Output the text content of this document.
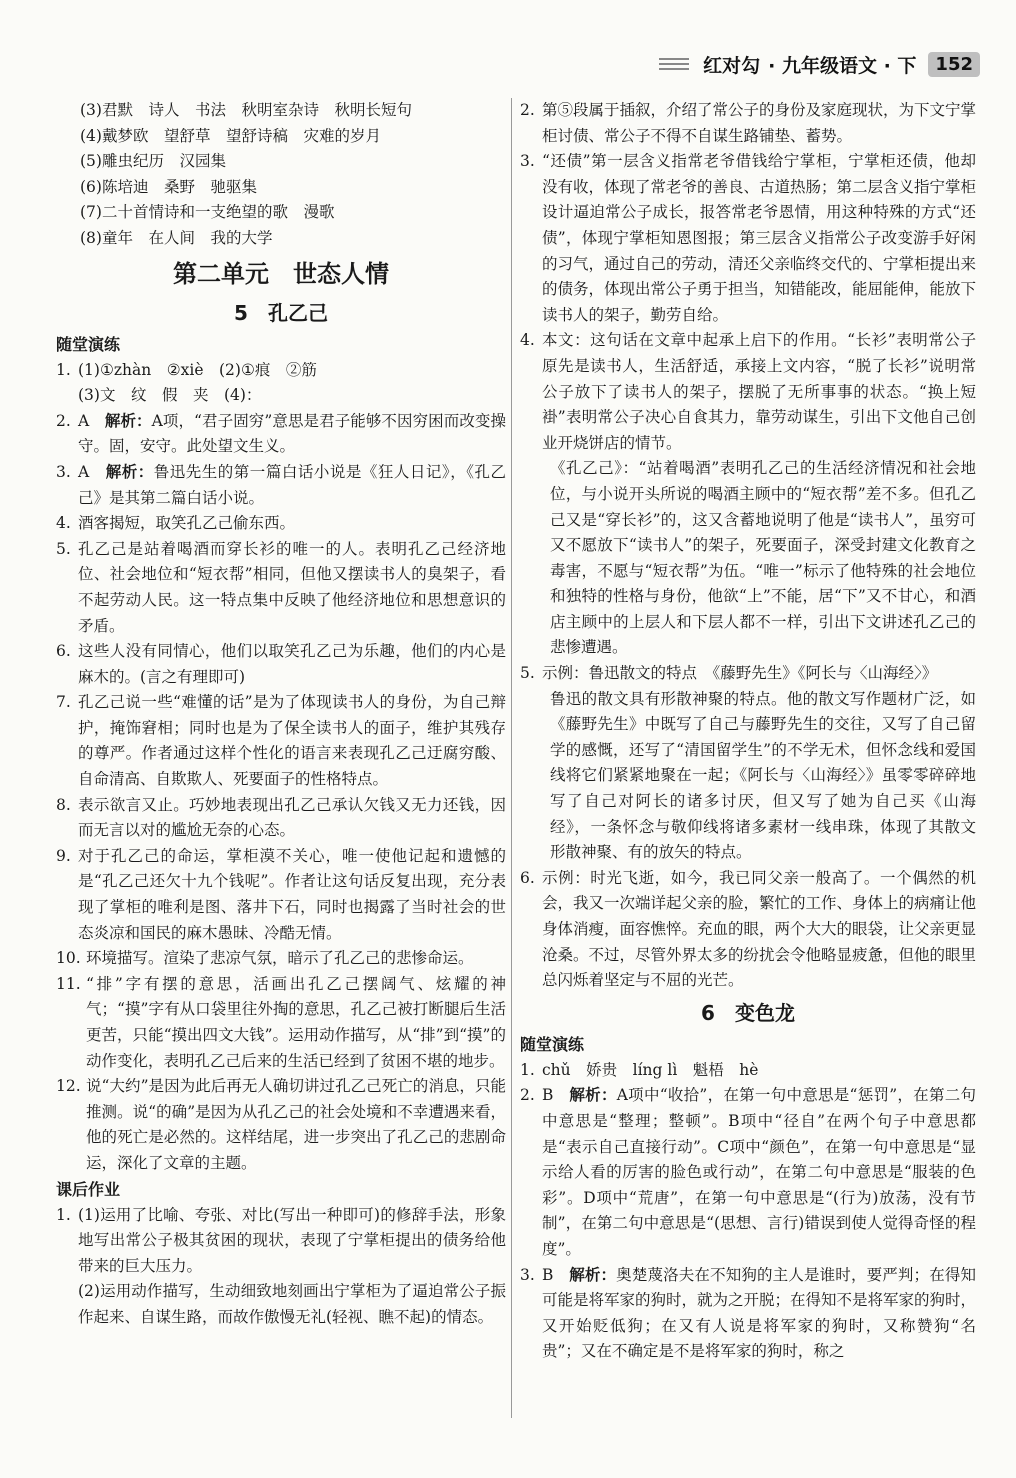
红对勾 · 九年级语文 · 下	152
(3)君默　诗人　书法　秋明室杂诗　秋明长短句
(4)戴梦欧　望舒草　望舒诗稿　灾难的岁月
(5)雕虫纪历　汉园集
(6)陈培迪　桑野　驰驱集
(7)二十首情诗和一支绝望的歌　漫歌
(8)童年　在人间　我的大学
第二单元　世态人情
5　孔乙己
随堂演练
1. (1)①zhàn　②xiè　(2)①痕　②筋
(3)文　纹　假　夹　(4)：
2. A　解析：A项，“君子固穷”意思是君子能够不因穷困而改变操守。固，安守。此处望文生义。
3. A　解析：鲁迅先生的第一篇白话小说是《狂人日记》，《孔乙己》是其第二篇白话小说。
4. 酒客揭短，取笑孔乙己偷东西。
5. 孔乙己是站着喝酒而穿长衫的唯一的人。表明孔乙己经济地位、社会地位和“短衣帮”相同，但他又摆读书人的臭架子，看不起劳动人民。这一特点集中反映了他经济地位和思想意识的矛盾。
6. 这些人没有同情心，他们以取笑孔乙己为乐趣，他们的内心是麻木的。(言之有理即可)
7. 孔乙己说一些“难懂的话”是为了体现读书人的身份，为自己辩护，掩饰窘相；同时也是为了保全读书人的面子，维护其残存的尊严。作者通过这样个性化的语言来表现孔乙己迂腐穷酸、自命清高、自欺欺人、死要面子的性格特点。
8. 表示欲言又止。巧妙地表现出孔乙己承认欠钱又无力还钱，因而无言以对的尴尬无奈的心态。
9. 对于孔乙己的命运，掌柜漠不关心，唯一使他记起和遗憾的是“孔乙己还欠十九个钱呢”。作者让这句话反复出现，充分表现了掌柜的唯利是图、落井下石，同时也揭露了当时社会的世态炎凉和国民的麻木愚昧、冷酷无情。
10. 环境描写。渲染了悲凉气氛，暗示了孔乙己的悲惨命运。
11. “排”字有摆的意思，活画出孔乙己摆阔气、炫耀的神气；“摸”字有从口袋里往外掏的意思，孔乙己被打断腿后生活更苦，只能“摸出四文大钱”。运用动作描写，从“排”到“摸”的动作变化，表明孔乙己后来的生活已经到了贫困不堪的地步。
12. 说“大约”是因为此后再无人确切讲过孔乙己死亡的消息，只能推测。说“的确”是因为从孔乙己的社会处境和不幸遭遇来看，他的死亡是必然的。这样结尾，进一步突出了孔乙己的悲剧命运，深化了文章的主题。
课后作业
1. (1)运用了比喻、夸张、对比(写出一种即可)的修辞手法，形象地写出常公子极其贫困的现状，表现了宁掌柜提出的债务给他带来的巨大压力。
(2)运用动作描写，生动细致地刻画出宁掌柜为了逼迫常公子振作起来、自谋生路，而故作傲慢无礼(轻视、瞧不起)的情态。
2. 第⑤段属于插叙，介绍了常公子的身份及家庭现状，为下文宁掌柜讨债、常公子不得不自谋生路铺垫、蓄势。
3. “还债”第一层含义指常老爷借钱给宁掌柜，宁掌柜还债，他却没有收，体现了常老爷的善良、古道热肠；第二层含义指宁掌柜设计逼迫常公子成长，报答常老爷恩情，用这种特殊的方式“还债”，体现宁掌柜知恩图报；第三层含义指常公子改变游手好闲的习气，通过自己的劳动，清还父亲临终交代的、宁掌柜提出来的债务，体现出常公子勇于担当，知错能改，能屈能伸，能放下读书人的架子，勤劳自给。
4. 本文：这句话在文章中起承上启下的作用。“长衫”表明常公子原先是读书人，生活舒适，承接上文内容，“脱了长衫”说明常公子放下了读书人的架子，摆脱了无所事事的状态。“换上短褂”表明常公子决心自食其力，靠劳动谋生，引出下文他自己创业开烧饼店的情节。
《孔乙己》：“站着喝酒”表明孔乙己的生活经济情况和社会地位，与小说开头所说的喝酒主顾中的“短衣帮”差不多。但孔乙己又是“穿长衫”的，这又含蓄地说明了他是“读书人”，虽穷可又不愿放下“读书人”的架子，死要面子，深受封建文化教育之毒害，不愿与“短衣帮”为伍。“唯一”标示了他特殊的社会地位和独特的性格与身份，他欲“上”不能，居“下”又不甘心，和酒店主顾中的上层人和下层人都不一样，引出下文讲述孔乙己的悲惨遭遇。
5. 示例：鲁迅散文的特点　《藤野先生》《阿长与〈山海经〉》
鲁迅的散文具有形散神聚的特点。他的散文写作题材广泛，如《藤野先生》中既写了自己与藤野先生的交往，又写了自己留学的感慨，还写了“清国留学生”的不学无术，但怀念线和爱国线将它们紧紧地聚在一起；《阿长与〈山海经〉》虽零零碎碎地写了自己对阿长的诸多讨厌，但又写了她为自己买《山海经》，一条怀念与敬仰线将诸多素材一线串珠，体现了其散文形散神聚、有的放矢的特点。
6. 示例：时光飞逝，如今，我已同父亲一般高了。一个偶然的机会，我又一次端详起父亲的脸，繁忙的工作、身体上的病痛让他身体消瘦，面容憔悴。充血的眼，两个大大的眼袋，让父亲更显沧桑。不过，尽管外界太多的纷扰会令他略显疲惫，但他的眼里总闪烁着坚定与不屈的光芒。
6　变色龙
随堂演练
1. chǔ　娇贵　líng lì　魁梧　hè
2. B　解析：A项中“收拾”，在第一句中意思是“惩罚”，在第二句中意思是“整理；整顿”。B项中“径自”在两个句子中意思都是“表示自己直接行动”。C项中“颜色”，在第一句中意思是“显示给人看的厉害的脸色或行动”，在第二句中意思是“服装的色彩”。D项中“荒唐”，在第一句中意思是“(行为)放荡，没有节制”，在第二句中意思是“(思想、言行)错误到使人觉得奇怪的程度”。
3. B　解析：奥楚蔑洛夫在不知狗的主人是谁时，要严判；在得知可能是将军家的狗时，就为之开脱；在得知不是将军家的狗时，又开始贬低狗；在又有人说是将军家的狗时，又称赞狗“名贵”；又在不确定是不是将军家的狗时，称之
